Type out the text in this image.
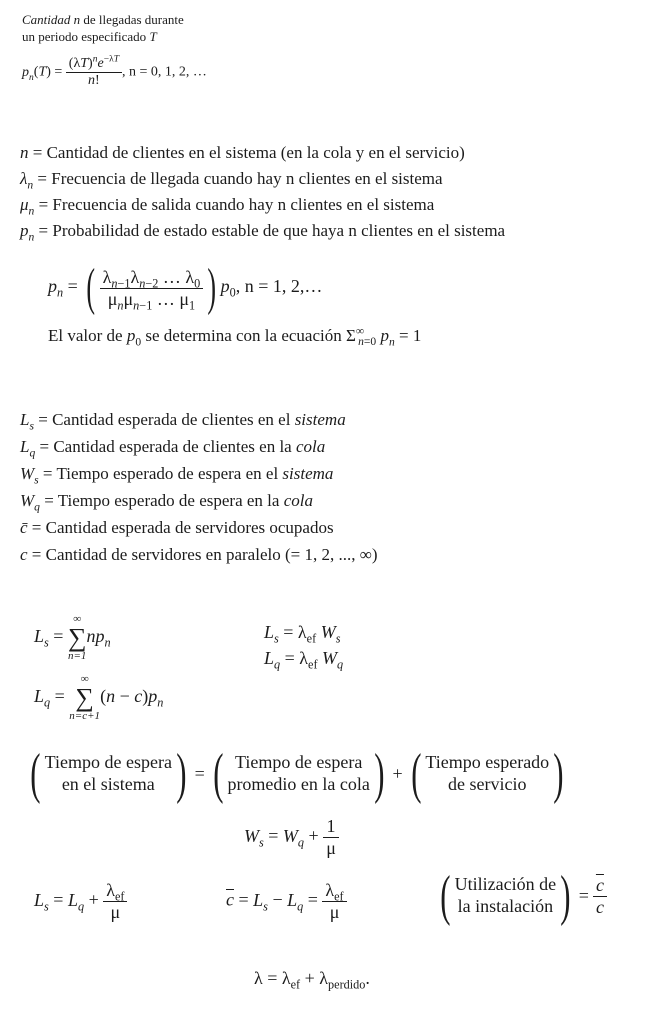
Cantidad n de llegadas durante
un periodo especificado T
$p_n(T) = \frac{(\lambda T)^ne^{-\lambda T}}{n!}$ , n = 0, 1, 2, …
n = Cantidad de clientes en el sistema (en la cola y en el servicio)
$\lambda_n$ = Frecuencia de llegada cuando hay n clientes en el sistema
$\mu_n$ = Frecuencia de salida cuando hay n clientes en el sistema
$p_n$ = Probabilidad de estado estable de que haya n clientes en el sistema
$p_n$ = ( $\frac{\lambda_{n-1}\lambda_{n-2} \dots \lambda_0}{\mu_n\mu_{n-1} \dots \mu_1}$ ) $p_0$, n = 1, 2,…
El valor de $p_0$ se determina con la ecuación $\Sigma^\infty_{n=0}$ $p_n = 1$
$L_s$ = Cantidad esperada de clientes en el sistema
$L_q$ = Cantidad esperada de clientes en la cola
$W_s$ = Tiempo esperado de espera en el sistema
$W_q$ = Tiempo esperado de espera en la cola
c̄ = Cantidad esperada de servidores ocupados
c = Cantidad de servidores en paralelo (= 1, 2, ..., ∞)
$L_s$ =
∞
∑
n=1
$np_n$
$L_s = \lambda_{ef}$ $W_s$
$L_q = \lambda_{ef}$ $W_q$
$L_q$ =
∞
∑
n=c+1
$(n - c)p_n$
( Tiempo de espera
en el sistema ) = ( Tiempo de espera
promedio en la cola) + ( Tiempo esperado
de servicio )
$W_s = W_q + \frac{1}{\mu}$
$L_s = L_q + \frac{\lambda_{ef}}{\mu}$	$\overline{c} = L_s - L_q = \frac{\lambda_{ef}}{\mu}$ ( Utilización de
la instalación ) = $\frac{\overline{c}}{c}$
$\lambda = \lambda_{ef} + \lambda_{perdido}$.
